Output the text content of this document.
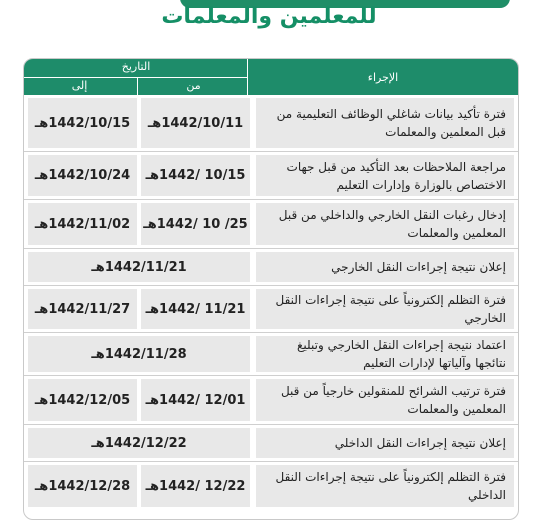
للمعلمين والمعلمات
الإجراء
التاريخ
من
إلى
فترة تأكيد بيانات شاغلي الوظائف التعليمية من قبل المعلمين والمعلمات
1442/10/11هـ
1442/10/15هـ
مراجعة الملاحظات بعد التأكيد من قبل جهات الاختصاص بالوزارة وإدارات التعليم
10/15 /1442هـ
1442/10/24هـ
إدخال رغبات النقل الخارجي والداخلي من قبل المعلمين والمعلمات
25/ 10 /1442هـ
1442/11/02هـ
إعلان نتيجة إجراءات النقل الخارجي
1442/11/21هـ
فترة التظلم إلكترونياً على نتيجة إجراءات النقل الخارجي
11/21 /1442هـ
1442/11/27هـ
اعتماد نتيجة إجراءات النقل الخارجي وتبليغ نتائجها وآلياتها لإدارات التعليم
1442/11/28هـ
فترة ترتيب الشرائح للمنقولين خارجياً من قبل المعلمين والمعلمات
12/01 /1442هـ
1442/12/05هـ
إعلان نتيجة إجراءات النقل الداخلي
1442/12/22هـ
فترة التظلم إلكترونياً على نتيجة إجراءات النقل الداخلي
12/22 /1442هـ
1442/12/28هـ
